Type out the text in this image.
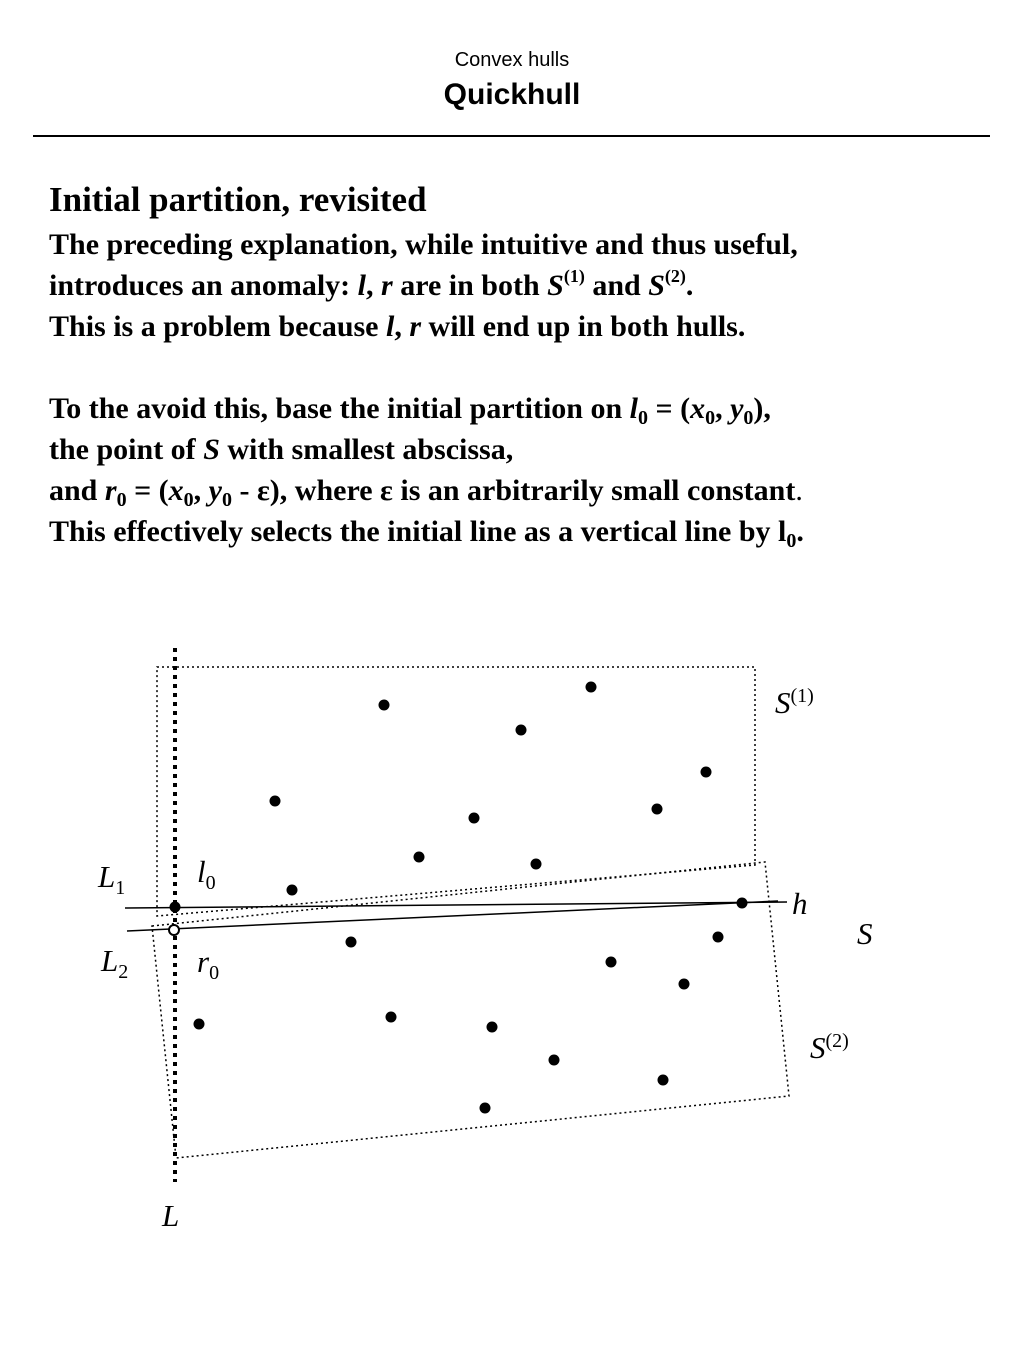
Convex hulls
Quickhull
Initial partition, revisited
The preceding explanation, while intuitive and thus useful,
introduces an anomaly: l, r are in both $S^{(1)}$ and $S^{(2)}$.
This is a problem because l, r will end up in both hulls.
To the avoid this, base the initial partition on $l_0 = (x_0$, $y_0$),
the point of S with smallest abscissa,
and $r_0 = (x_0$, $y_0 - \varepsilon$), where ε is an arbitrarily small constant.
This effectively selects the initial line as a vertical line by $l_0$.
$S^{(1)}$
$S^{(2)}$
S
h
$L_1$
$L_2$
$l_0$
$r_0$
L
